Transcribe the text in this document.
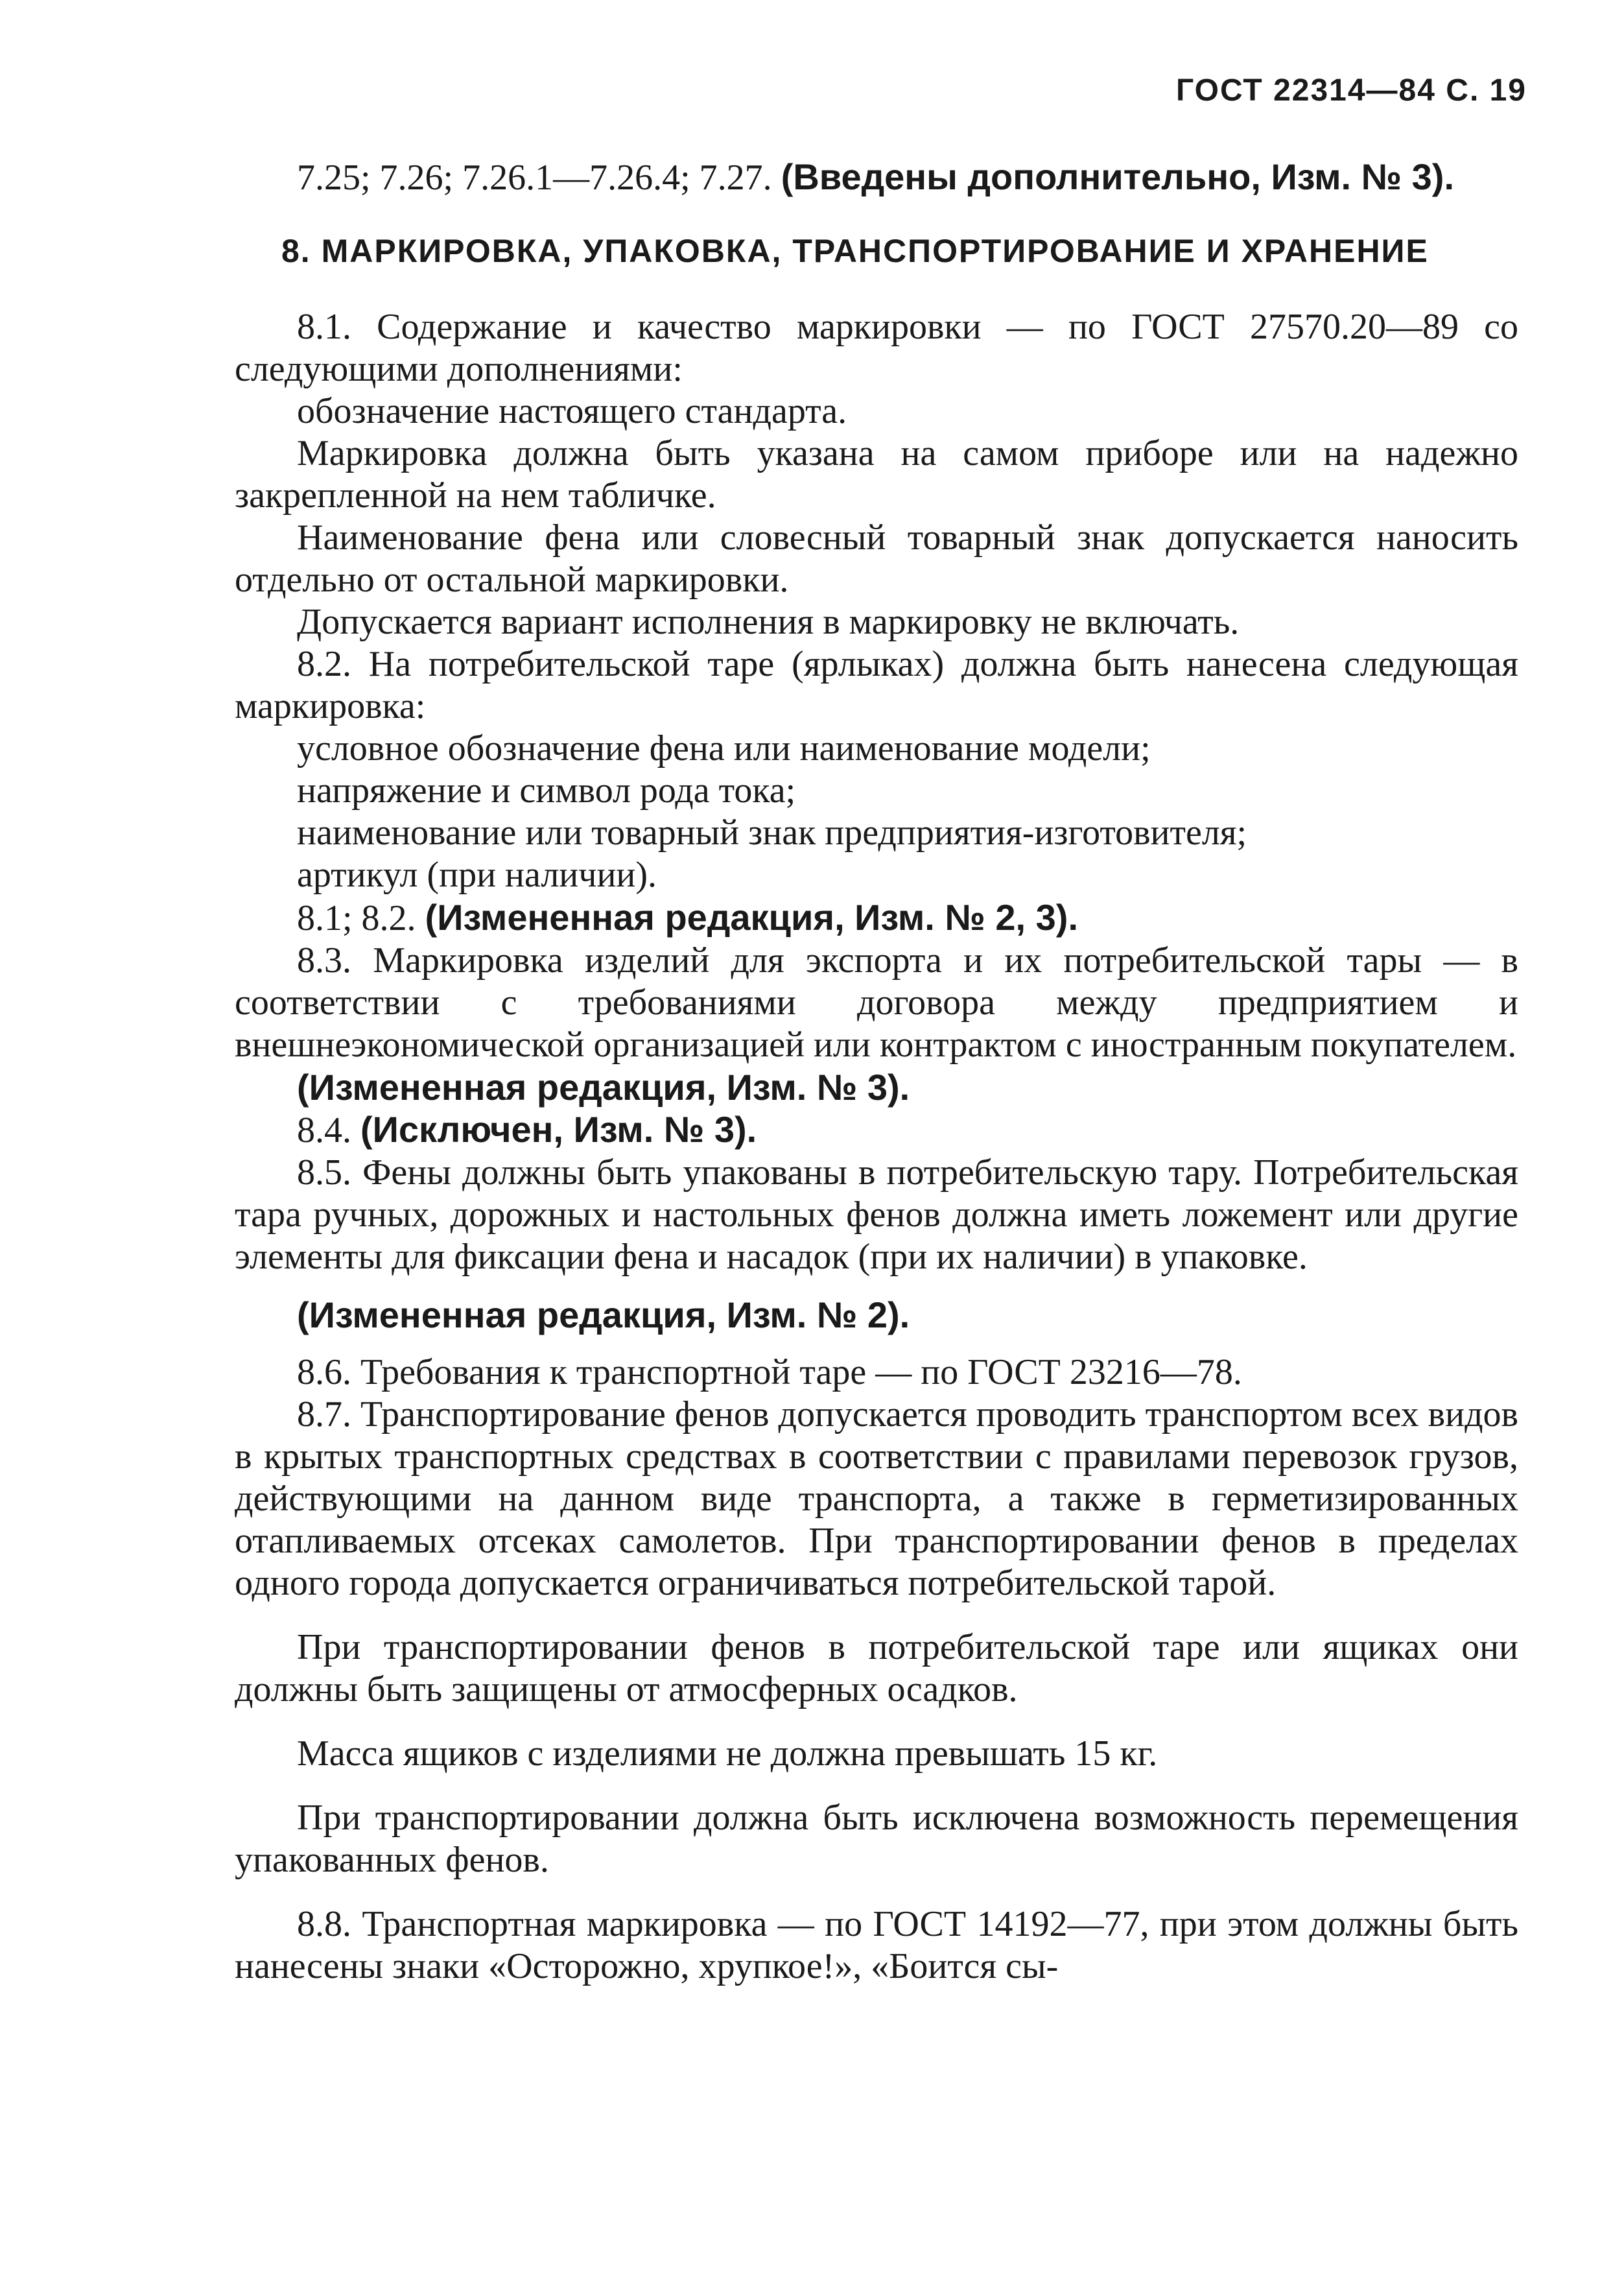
ГОСТ 22314—84 С. 19

7.25; 7.26; 7.26.1—7.26.4; 7.27. (Введены дополнительно, Изм. № 3).

8. МАРКИРОВКА, УПАКОВКА, ТРАНСПОРТИРОВАНИЕ И ХРАНЕНИЕ

8.1. Содержание и качество маркировки — по ГОСТ 27570.20—89 со следующими дополнениями:

обозначение настоящего стандарта.

Маркировка должна быть указана на самом приборе или на надежно закрепленной на нем табличке.

Наименование фена или словесный товарный знак допускается наносить отдельно от остальной маркировки.

Допускается вариант исполнения в маркировку не включать.

8.2. На потребительской таре (ярлыках) должна быть нанесена следующая маркировка:

условное обозначение фена или наименование модели;

напряжение и символ рода тока;

наименование или товарный знак предприятия-изготовителя;

артикул (при наличии).

8.1; 8.2. (Измененная редакция, Изм. № 2, 3).

8.3. Маркировка изделий для экспорта и их потребительской тары — в соответствии с требованиями договора между предприятием и внешнеэкономической организацией или контрактом с иностранным покупателем.

(Измененная редакция, Изм. № 3).

8.4. (Исключен, Изм. № 3).

8.5. Фены должны быть упакованы в потребительскую тару. Потребительская тара ручных, дорожных и настольных фенов должна иметь ложемент или другие элементы для фиксации фена и насадок (при их наличии) в упаковке.

(Измененная редакция, Изм. № 2).

8.6. Требования к транспортной таре — по ГОСТ 23216—78.

8.7. Транспортирование фенов допускается проводить транспортом всех видов в крытых транспортных средствах в соответствии с правилами перевозок грузов, действующими на данном виде транспорта, а также в герметизированных отапливаемых отсеках самолетов. При транспортировании фенов в пределах одного города допускается ограничиваться потребительской тарой.

При транспортировании фенов в потребительской таре или ящиках они должны быть защищены от атмосферных осадков.

Масса ящиков с изделиями не должна превышать 15 кг.

При транспортировании должна быть исключена возможность перемещения упакованных фенов.

8.8. Транспортная маркировка — по ГОСТ 14192—77, при этом должны быть нанесены знаки «Осторожно, хрупкое!», «Боится сы-
